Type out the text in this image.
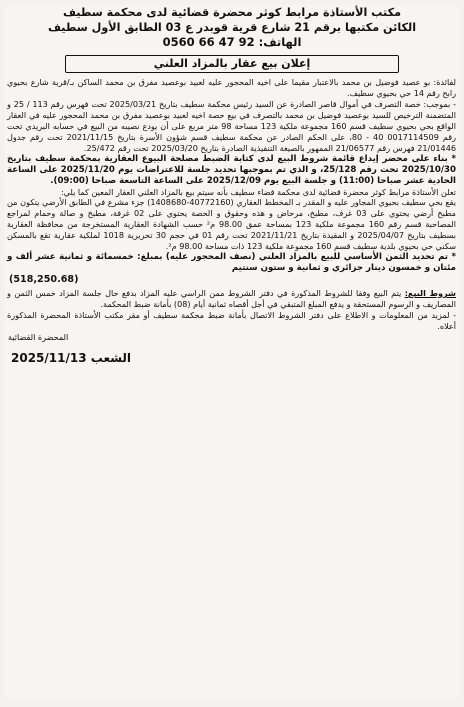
مكتب الأستاذة مرابط كوثر محضرة قضائية لدى محكمة سطيف
الكائن مكتبها برقم 21 شارع قرية قوبدر ع 03 الطابق الأول سطيف
الهاتف: 0560 66 47 92
إعلان بيع عقار بالمزاد العلني

لفائدة: بو عصيد فوضيل بن محمد بالاعتبار مقيما على اخيه المحجور عليه لعبيد بوعصيد مفرق بن محمد الساكن بـ/قرية شارع بحيوي رابح رقم 14 حي بحيوي سطيف.

- بموجب: خصة التصرف في أموال قاصر الصادرة عن السيد رئيس محكمة سطيف بتاريخ 2025/03/21 تحت فهرس رقم 113 / 25 و المتضمنة الترخيص للسيد بوعصيد فوضيل بن محمد بالتصرف في بيع حصة اخيه لعبيد بوعصيد مفرق بن محمد المحجور عليه في العقار الواقع بحي بحيوي سطيف قسم 160 مجموعة ملكية 123 مساحة 98 متر مربع على أن يودع نصيبه من البيع في حسابه البريدي تحت رقم 0017114509 40 - 80، على الحكم الصادر عن محكمة سطيف قسم شؤون الأسرة بتاريخ 2021/11/15 تحت رقم جدول 21/01446 فهرس رقم 21/06577 الممهور بالصيغة التنفيذية الصادرة بتاريخ 2025/03/20 تحت رقم 25/472.

* بناء على محضر إيداع قائمة شروط البيع لدى كتابة الضبط مصلحة البيوع العقارية بمحكمة سطيف بتاريخ 2025/10/30 تحت رقم 25/128، و الذي تم بموجبها تحديد جلسة للاعتراضات يوم 2025/11/20 على الساعة الحادية عشر صباحا (11:00) و جلسة البيع يوم 2025/12/09 على الساعة التاسعة صباحا (09:00).

تعلن الأستاذة مرابط كوثر محضرة قضائية لدى محكمة قضاء سطيف بأنه سيتم بيع بالمزاد العلني العقار المعين كما يلي:

يقع بحي سطيف بحيوي المجاور عليه و المقدر بـ المخطط العقاري (40772160-1408680) جزء مشرع في الطابق الأرضي يتكون من مطبخ أرضي يحتوي على 03 غرف، مطبخ، مرحاض و هذه وحقوق و الحصة يحتوي على 02 غرفة، مطبخ و صالة وحمام لمراجع المصاحبة قسم رقم 160 مجموعة ملكية 123 بمساحة عمق 98.00 م² حسب الشهادة العقارية المستخرجة من محافظة العقارية بسطيف بتاريخ 2025/04/07 و المقيدة بتاريخ 2021/11/21 تحت رقم 01 في حجم 30 تحريرية 1018 لملكية عقارية تقع بالمسكن سكني حي بحيوي بلدية سطيف قسم 160 مجموعة ملكية 123 ذات مساحة 98.00 م².

* تم تحديد الثمن الأساسي للبيع بالمزاد العلني (نصف المحجور عليه) بمبلغ: خمسمائة و ثمانية عشر ألف و مئتان و خمسون دينار جزائري و ثمانية و ستون سنتيم

(518,250.68)

شروط البيع: يتم البيع وفقا للشروط المذكورة في دفتر الشروط ممن الراسي عليه المزاد بدفع حال جلسة المزاد خمس الثمن و المصاريف و الرسوم المستحقة و يدفع المبلغ المتبقي في أجل أقصاه ثمانية أيام (08) بأمانة ضبط المحكمة.

- لمزيد من المعلومات و الاطلاع على دفتر الشروط الاتصال بأمانة ضبط محكمة سطيف أو مقر مكتب الأستاذة المحضرة المذكورة أعلاه.

المحضرة القضائية
الشعب 2025/11/13
